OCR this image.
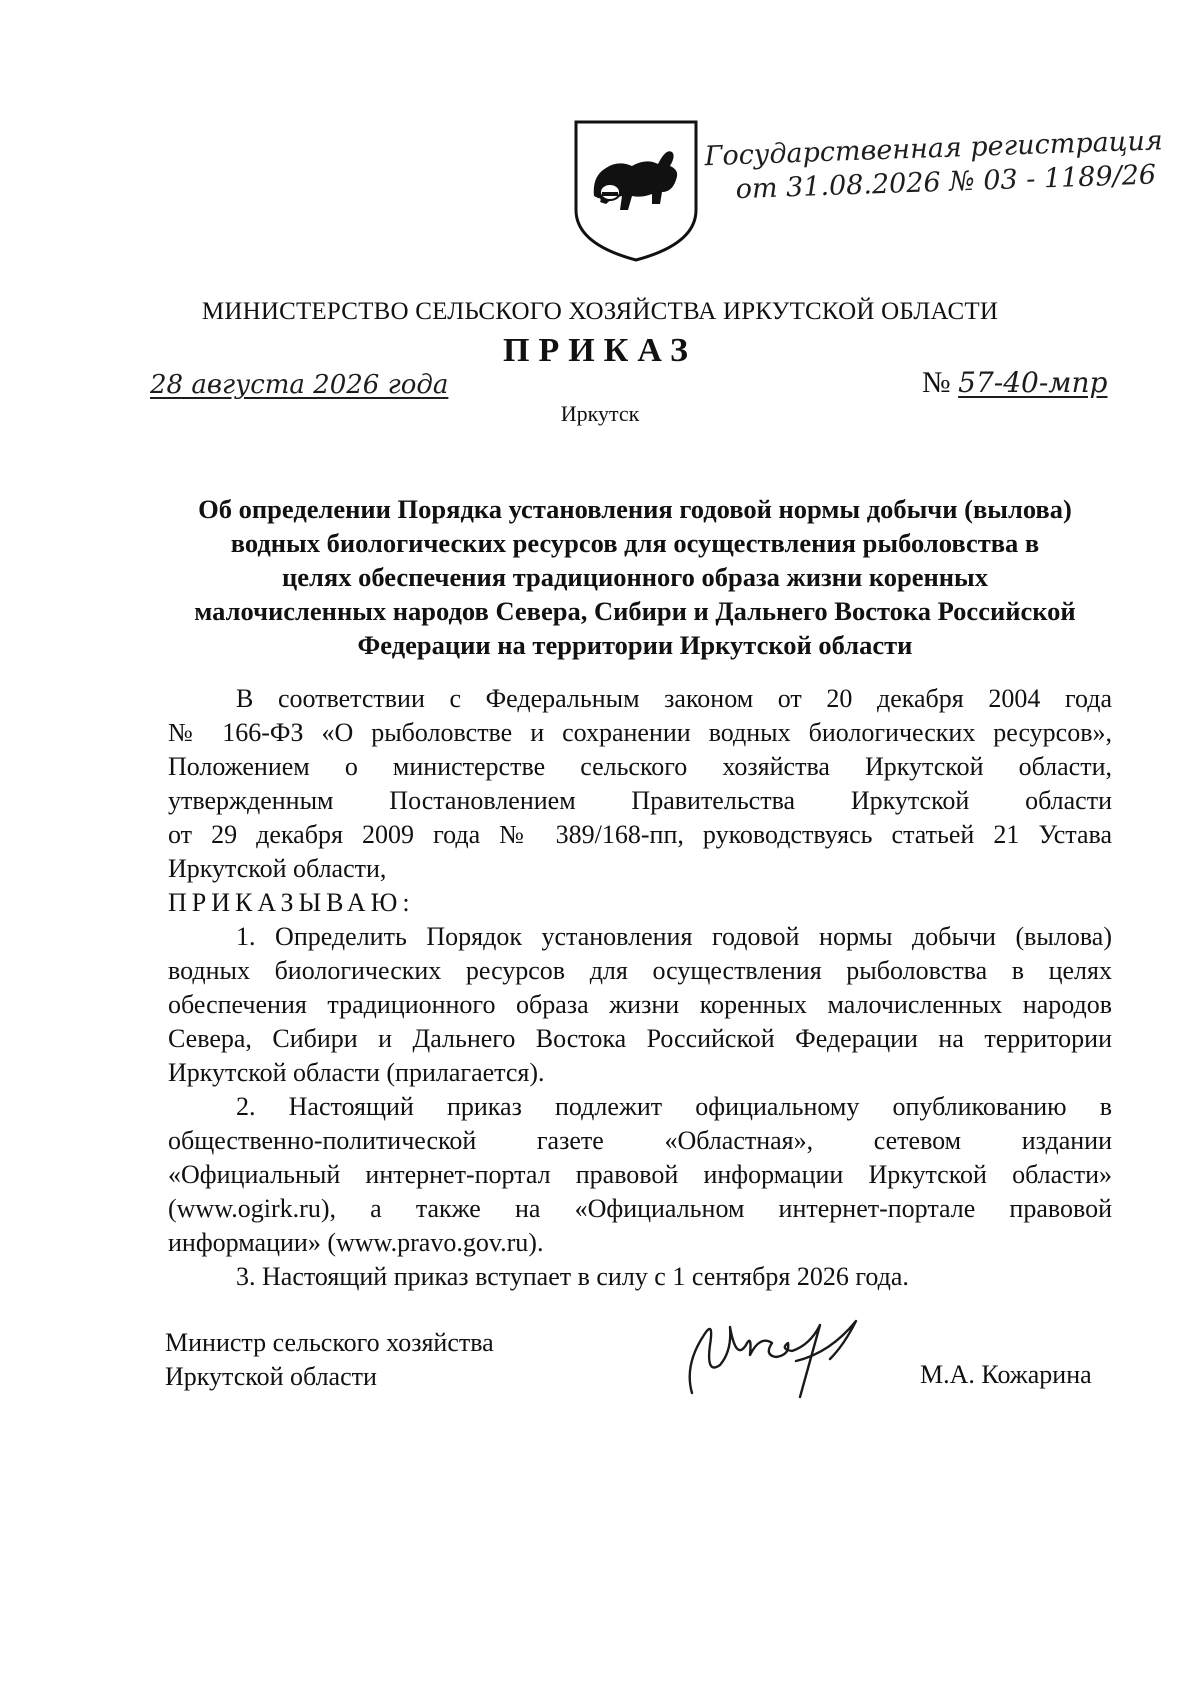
Государственная регистрация
от 31.08.2026 № 03 - 1189/26
МИНИСТЕРСТВО СЕЛЬСКОГО ХОЗЯЙСТВА ИРКУТСКОЙ ОБЛАСТИ
ПРИКАЗ
28 августа 2026 года	№ 57-40-мпр
Иркутск
Об определении Порядка установления годовой нормы добычи (вылова)
водных биологических ресурсов для осуществления рыболовства в
целях обеспечения традиционного образа жизни коренных
малочисленных народов Севера, Сибири и Дальнего Востока Российской
Федерации на территории Иркутской области
В соответствии с Федеральным законом от 20 декабря 2004 года
№ 166-ФЗ «О рыболовстве и сохранении водных биологических ресурсов»,
Положением о министерстве сельского хозяйства Иркутской области,
утвержденным Постановлением Правительства Иркутской области
от 29 декабря 2009 года № 389/168-пп, руководствуясь статьей 21 Устава
Иркутской области,
ПРИКАЗЫВАЮ:
1. Определить Порядок установления годовой нормы добычи (вылова)
водных биологических ресурсов для осуществления рыболовства в целях
обеспечения традиционного образа жизни коренных малочисленных народов
Севера, Сибири и Дальнего Востока Российской Федерации на территории
Иркутской области (прилагается).
2. Настоящий приказ подлежит официальному опубликованию в
общественно-политической газете «Областная», сетевом издании
«Официальный интернет-портал правовой информации Иркутской области»
(www.ogirk.ru), а также на «Официальном интернет-портале правовой
информации» (www.pravo.gov.ru).
3. Настоящий приказ вступает в силу с 1 сентября 2026 года.
Министр сельского хозяйства
Иркутской области	М.А. Кожарина
